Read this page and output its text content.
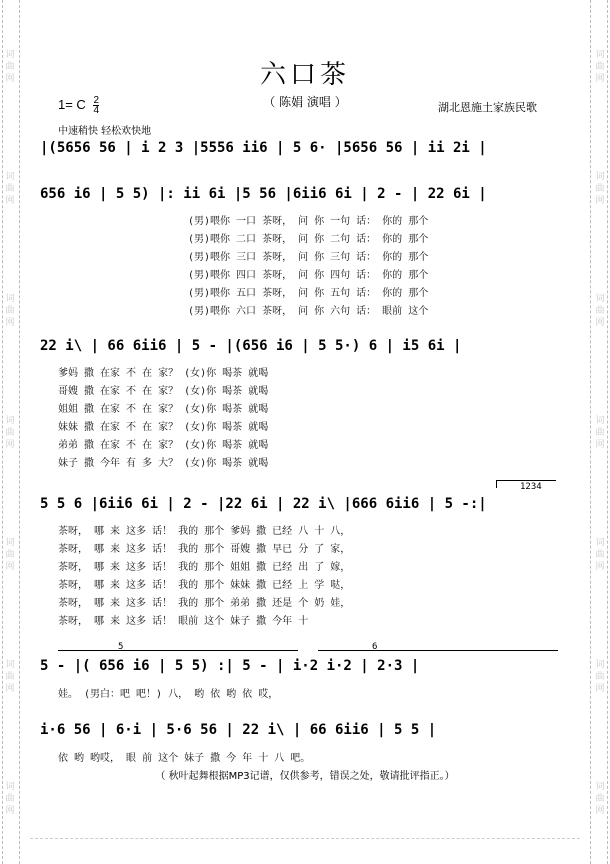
词
曲
网
词
曲
网
词
曲
网
词
曲
网
词
曲
网
词
曲
网
词
曲
网
词
曲
网
词
曲
网
词
曲
网
词
曲
网
词
曲
网
词
曲
网
词
曲
网
六口茶
（ 陈娟 演唱 ）
1= C $\frac{2}{4}$	湖北恩施土家族民歌
中速稍快 轻松欢快地
|(5656 56 | i 2 3 |5556 ii6 | 5 6· |5656 56 | ii 2i |
656 i6 | 5 5) |: ii 6i |5 56 |6ii6 6i | 2 - | 22 6i |
(男)喂你 一口 茶呀， 问 你 一句 话： 你的 那个
(男)喂你 二口 茶呀， 问 你 二句 话： 你的 那个
(男)喂你 三口 茶呀， 问 你 三句 话： 你的 那个
(男)喂你 四口 茶呀， 问 你 四句 话： 你的 那个
(男)喂你 五口 茶呀， 问 你 五句 话： 你的 那个
(男)喂你 六口 茶呀， 问 你 六句 话： 眼前 这个
22 i\ | 66 6ii6 | 5 - |(656 i6 | 5 5·) 6 | i5 6i |
爹妈 撒 在家 不 在 家？ (女)你 喝茶 就喝
哥嫂 撒 在家 不 在 家？ (女)你 喝茶 就喝
姐姐 撒 在家 不 在 家？ (女)你 喝茶 就喝
妹妹 撒 在家 不 在 家？ (女)你 喝茶 就喝
弟弟 撒 在家 不 在 家？ (女)你 喝茶 就喝
妹子 撒 今年 有 多 大？ (女)你 喝茶 就喝
1234
5 5 6 |6ii6 6i | 2 - |22 6i | 22 i\ |666 6ii6 | 5 -:|
茶呀， 哪 来 这多 话！ 我的 那个 爹妈 撒 已经 八 十 八，
茶呀， 哪 来 这多 话！ 我的 那个 哥嫂 撒 早已 分 了 家，
茶呀， 哪 来 这多 话！ 我的 那个 姐姐 撒 已经 出 了 嫁，
茶呀， 哪 来 这多 话！ 我的 那个 妹妹 撒 已经 上 学 哒，
茶呀， 哪 来 这多 话！ 我的 那个 弟弟 撒 还是 个 奶 娃，
茶呀， 哪 来 这多 话！ 眼前 这个 妹子 撒 今年 十
5	6
5 - |( 656 i6 | 5 5) :| 5 - | i·2 i·2 | 2·3 |
娃。 (男白：吧 吧！) 八， 哟 依 哟 依 哎，
i·6 56 | 6·i | 5·6 56 | 22 i\ | 66 6ii6 | 5 5 |
依 哟 哟哎， 眼 前 这个 妹子 撒 今 年 十 八 吧。
（ 秋叶起舞根据MP3记谱，仅供参考，错误之处，敬请批评指正。）
